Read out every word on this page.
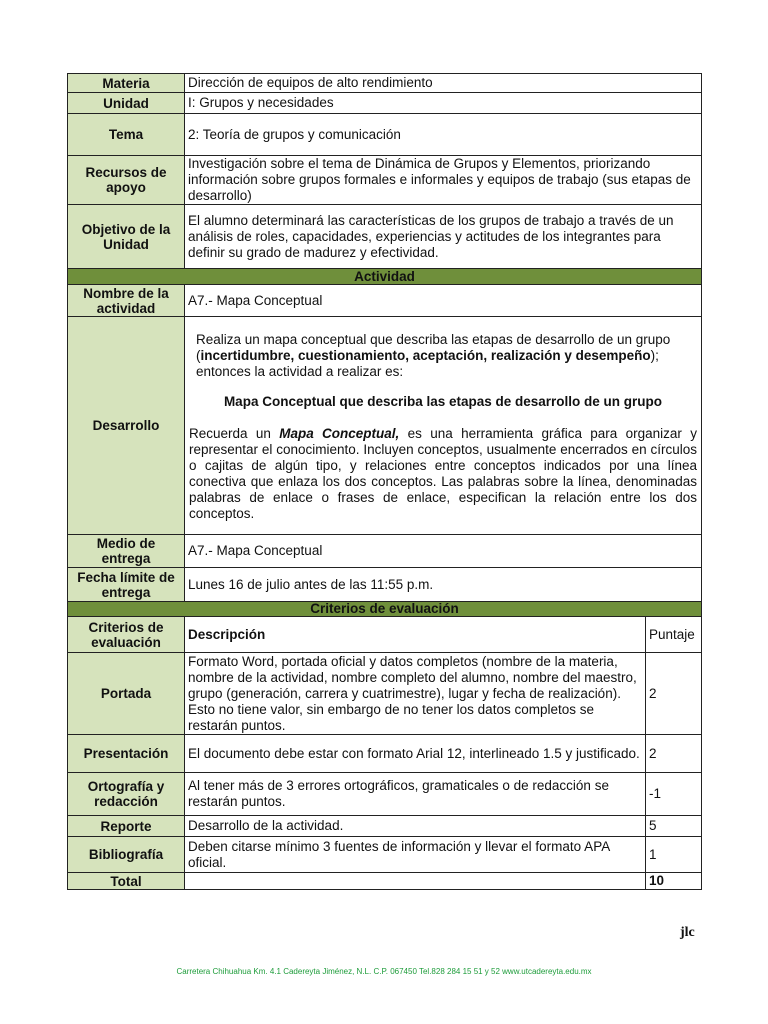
Materia	Dirección de equipos de alto rendimiento	
Unidad	I: Grupos y necesidades	
Tema	2: Teoría de grupos y comunicación	
Recursos de apoyo	Investigación sobre el tema de Dinámica de Grupos y Elementos, priorizando información sobre grupos formales e informales y equipos de trabajo (sus etapas de desarrollo)	
Objetivo de la Unidad	El alumno determinará las características de los grupos de trabajo a través de un análisis de roles, capacidades, experiencias y actitudes de los integrantes para definir su grado de madurez y efectividad.	
Actividad		
Nombre de la actividad	A7.- Mapa Conceptual	
Desarrollo	Realiza un mapa conceptual que describa las etapas de desarrollo de un grupo (incertidumbre, cuestionamiento, aceptación, realización y desempeño); entonces la actividad a realizar es:

Mapa Conceptual que describa las etapas de desarrollo de un grupo

Recuerda un Mapa Conceptual, es una herramienta gráfica para organizar y representar el conocimiento. Incluyen conceptos, usualmente encerrados en círculos o cajitas de algún tipo, y relaciones entre conceptos indicados por una línea conectiva que enlaza los dos conceptos. Las palabras sobre la línea, denominadas palabras de enlace o frases de enlace, especifican la relación entre los dos conceptos.	

Medio de entrega	A7.- Mapa Conceptual	
Fecha límite de entrega	Lunes 16 de julio antes de las 11:55 p.m.	
Criterios de evaluación		
Criterios de evaluación	Descripción	Puntaje
Portada	Formato Word, portada oficial y datos completos (nombre de la materia, nombre de la actividad, nombre completo del alumno, nombre del maestro, grupo (generación, carrera y cuatrimestre), lugar y fecha de realización). Esto no tiene valor, sin embargo de no tener los datos completos se restarán puntos.	2
Presentación	El documento debe estar con formato Arial 12, interlineado 1.5 y justificado.	2
Ortografía y redacción	Al tener más de 3 errores ortográficos, gramaticales o de redacción se restarán puntos.	-1
Reporte	Desarrollo de la actividad.	5
Bibliografía	Deben citarse mínimo 3 fuentes de información y llevar el formato APA oficial.	1
Total		10
jlc
Carretera Chihuahua Km. 4.1 Cadereyta Jiménez, N.L. C.P. 067450 Tel.828 284 15 51 y 52 www.utcadereyta.edu.mx
